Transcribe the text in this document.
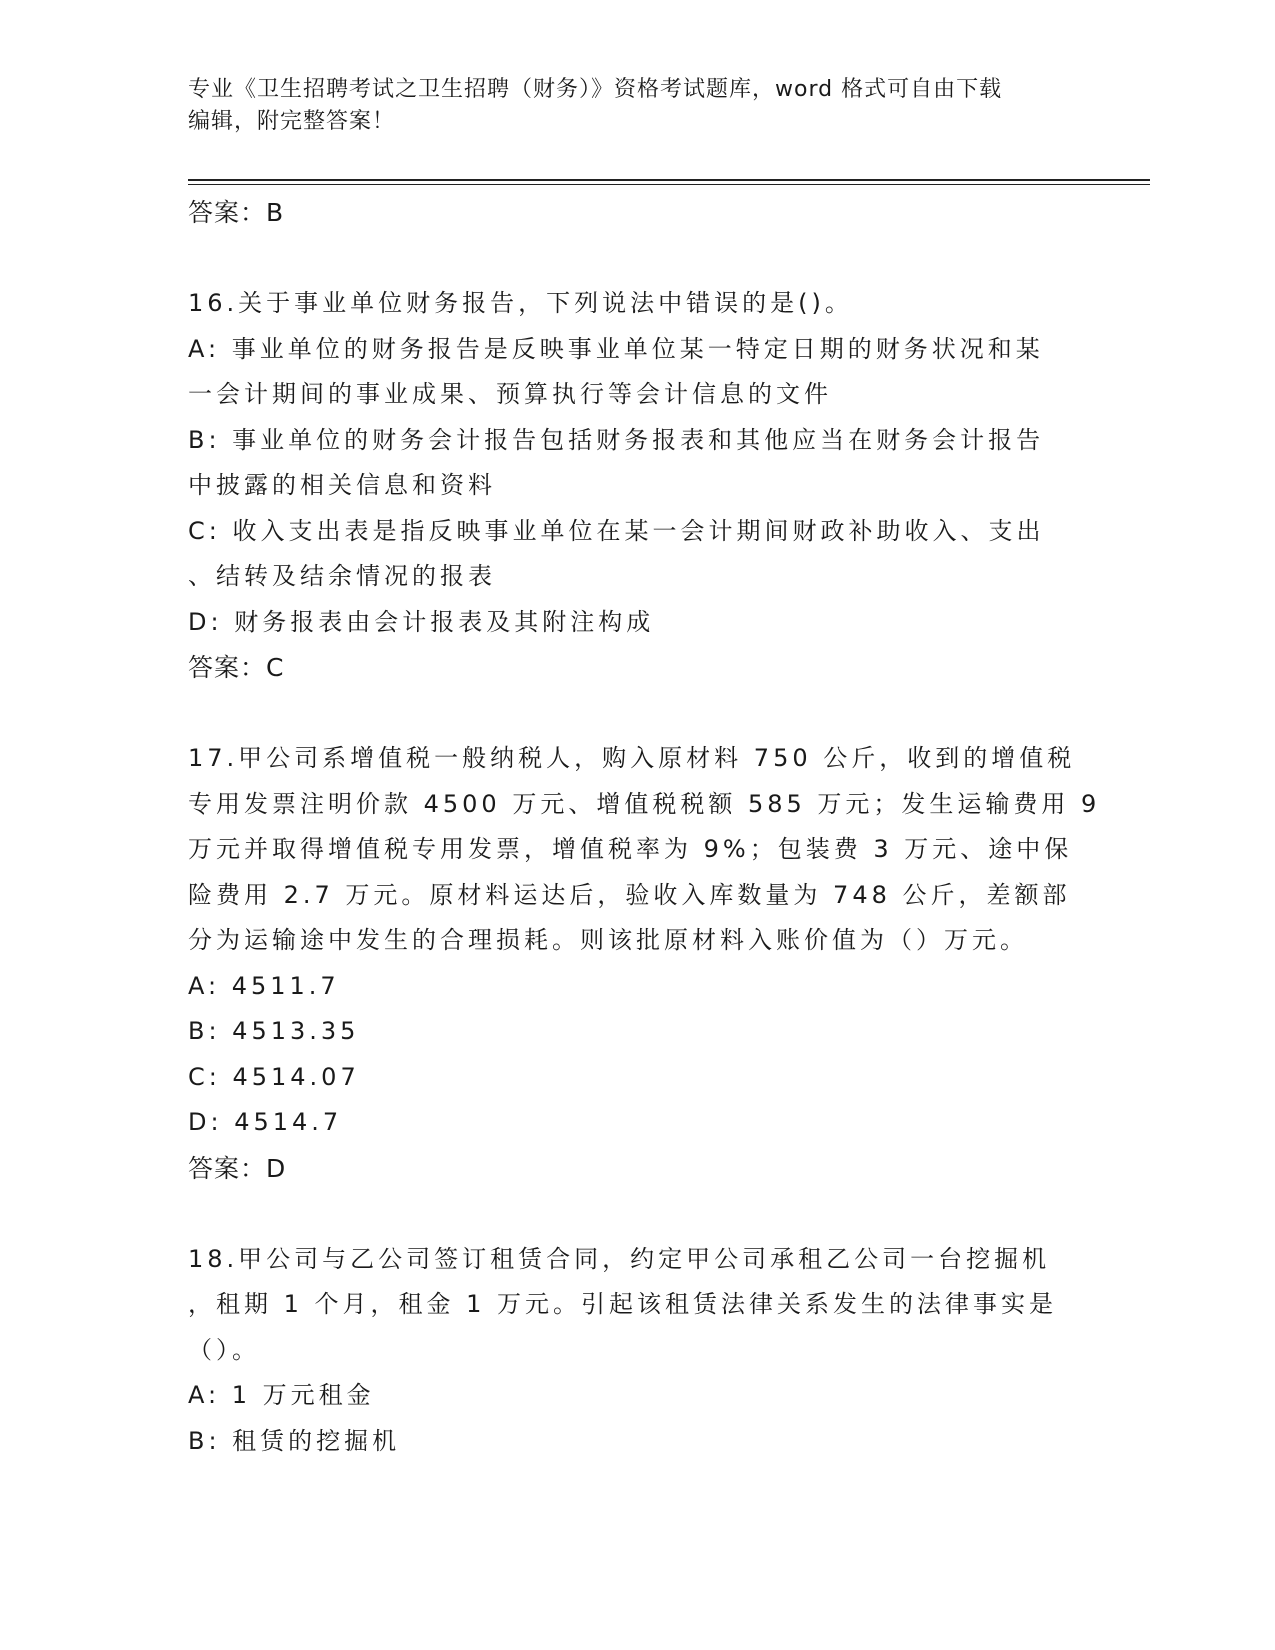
专业《卫生招聘考试之卫生招聘（财务）》资格考试题库，word 格式可自由下载
编辑，附完整答案！
答案：B
16.关于事业单位财务报告，下列说法中错误的是()。
A: 事业单位的财务报告是反映事业单位某一特定日期的财务状况和某
一会计期间的事业成果、预算执行等会计信息的文件
B: 事业单位的财务会计报告包括财务报表和其他应当在财务会计报告
中披露的相关信息和资料
C: 收入支出表是指反映事业单位在某一会计期间财政补助收入、支出
、结转及结余情况的报表
D: 财务报表由会计报表及其附注构成
答案：C
17.甲公司系增值税一般纳税人，购入原材料 750 公斤，收到的增值税
专用发票注明价款 4500 万元、增值税税额 585 万元；发生运输费用 9
万元并取得增值税专用发票，增值税率为 9%；包装费 3 万元、途中保
险费用 2.7 万元。原材料运达后，验收入库数量为 748 公斤，差额部
分为运输途中发生的合理损耗。则该批原材料入账价值为（）万元。
A: 4511.7
B: 4513.35
C: 4514.07
D: 4514.7
答案：D
18.甲公司与乙公司签订租赁合同，约定甲公司承租乙公司一台挖掘机
，租期 1 个月，租金 1 万元。引起该租赁法律关系发生的法律事实是
（）。
A: 1 万元租金
B: 租赁的挖掘机
